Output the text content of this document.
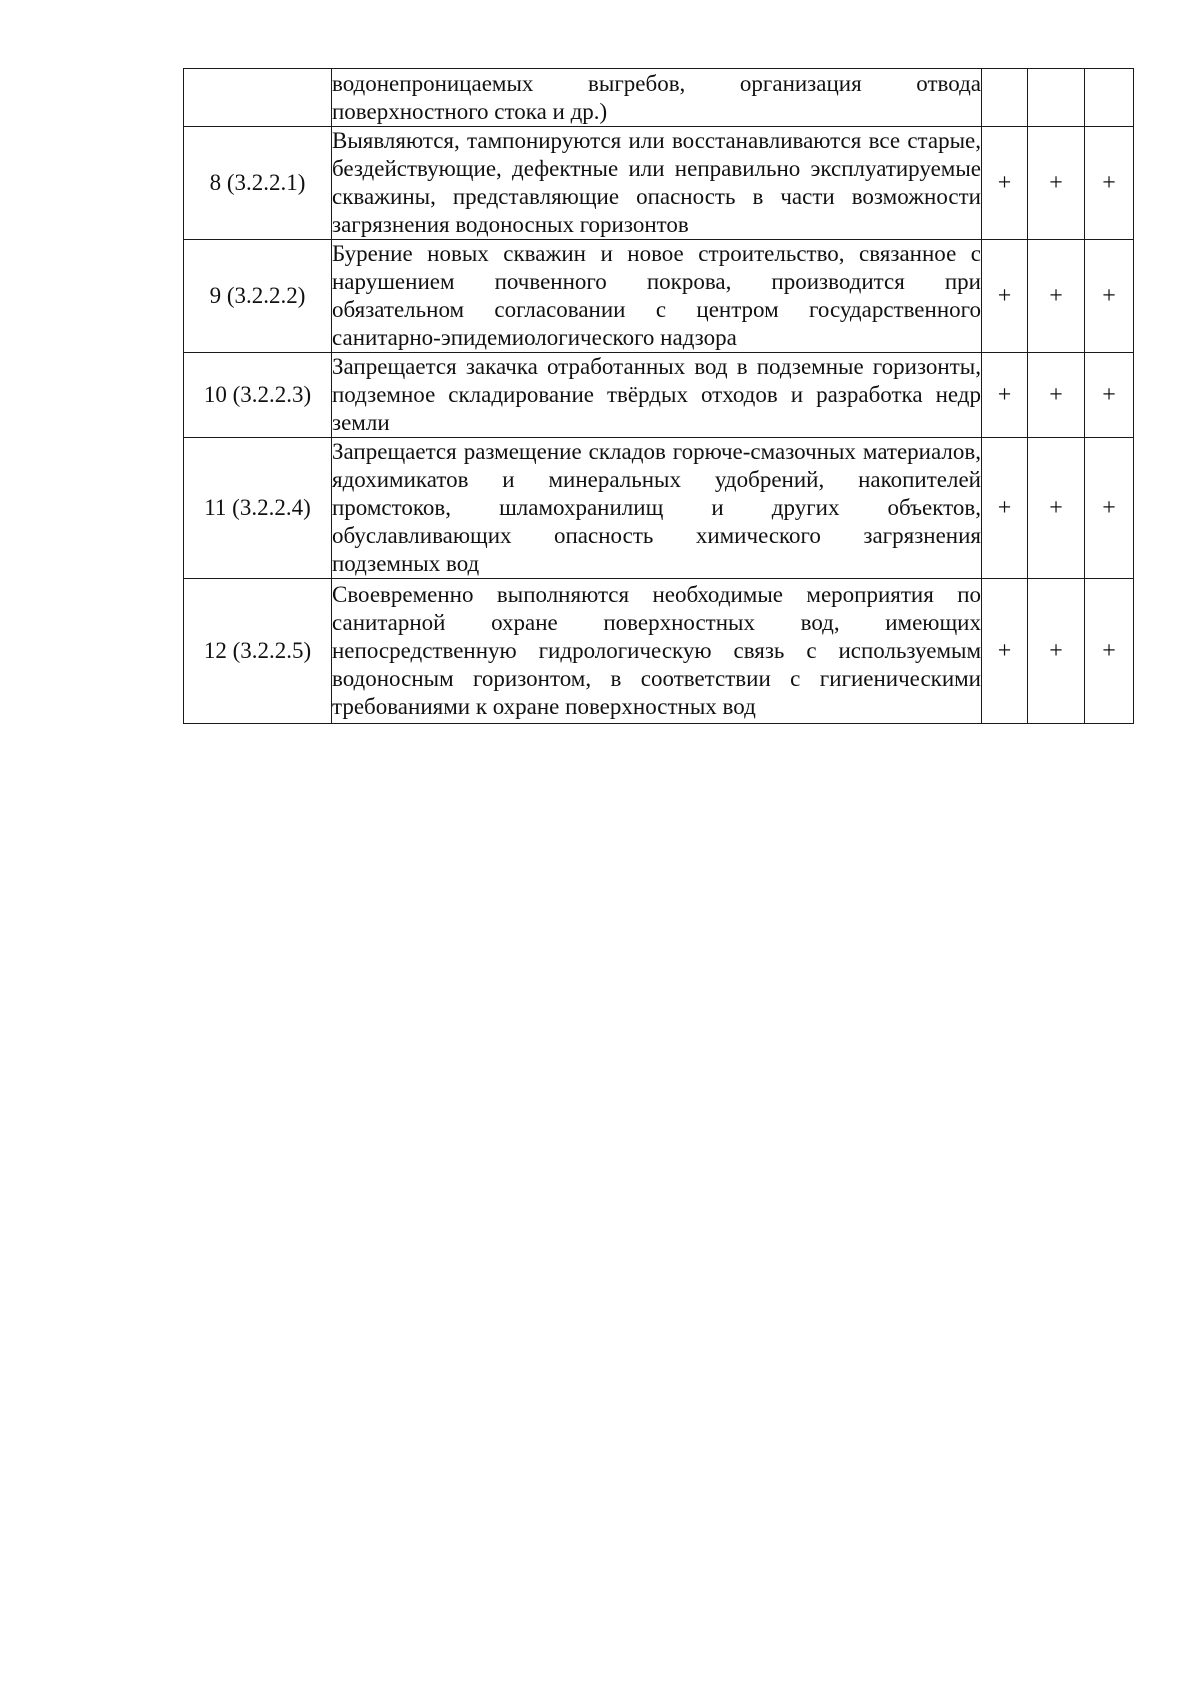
	водонепроницаемых выгребов, организация отвода поверхностного стока и др.)			
8 (3.2.2.1)	Выявляются, тампонируются или восстанавливаются все старые, бездействующие, дефектные или неправильно эксплуатируемые скважины, представляющие опасность в части возможности загрязнения водоносных горизонтов	+	+	+
9 (3.2.2.2)	Бурение новых скважин и новое строительство, связанное с нарушением почвенного покрова, производится при обязательном согласовании с центром государственного санитарно-эпидемиологического надзора	+	+	+
10 (3.2.2.3)	Запрещается закачка отработанных вод в подземные горизонты, подземное складирование твёрдых отходов и разработка недр земли	+	+	+
11 (3.2.2.4)	Запрещается размещение складов горюче-смазочных материалов, ядохимикатов и минеральных удобрений, накопителей промстоков, шламохранилищ и других объектов, обуславливающих опасность химического загрязнения подземных вод	+	+	+
12 (3.2.2.5)	Своевременно выполняются необходимые мероприятия по санитарной охране поверхностных вод, имеющих непосредственную гидрологическую связь с используемым водоносным горизонтом, в соответствии с гигиеническими требованиями к охране поверхностных вод	+	+	+
